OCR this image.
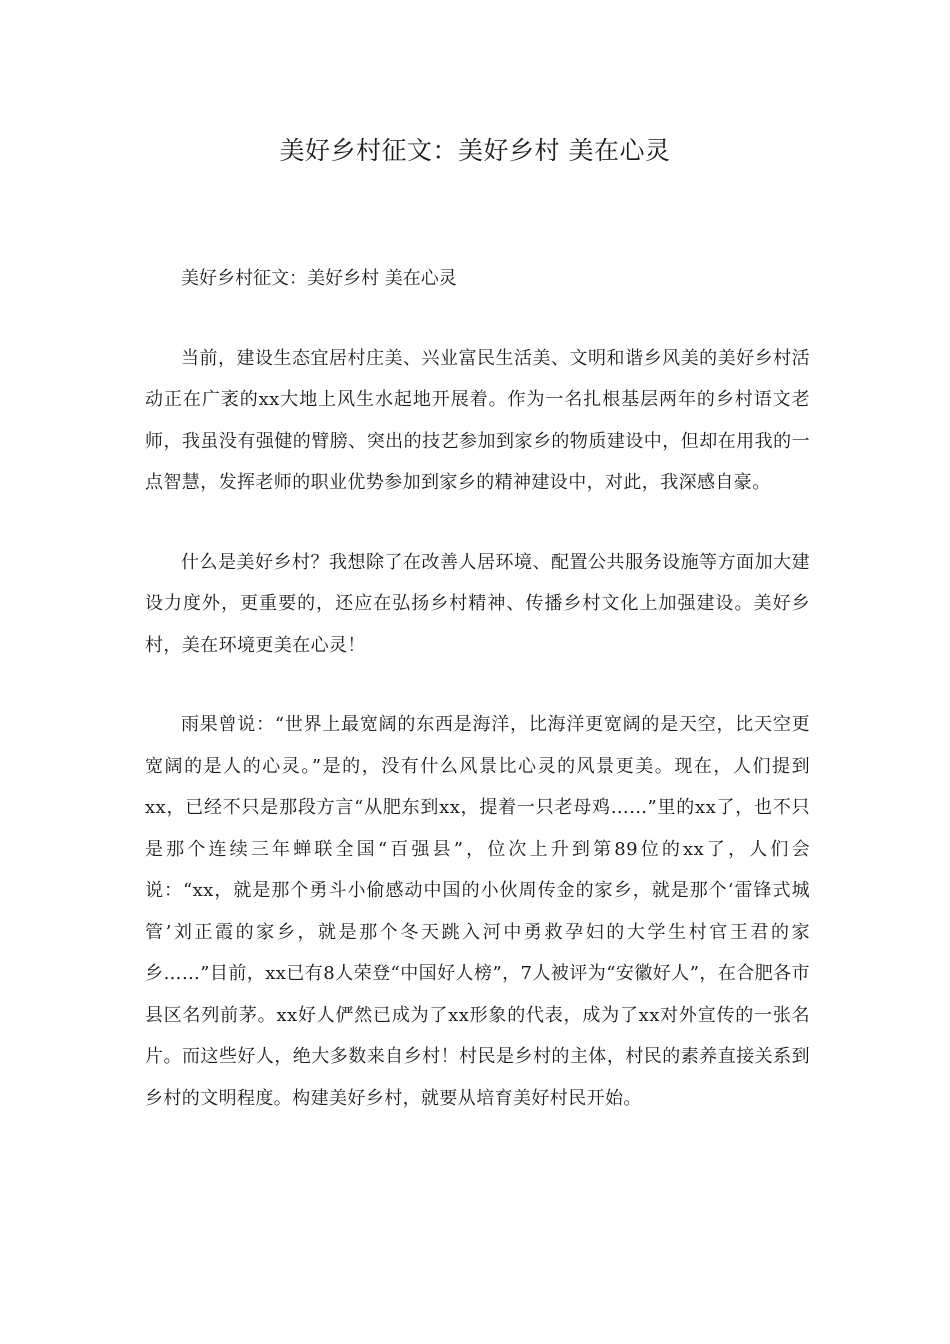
美好乡村征文：美好乡村 美在心灵

美好乡村征文：美好乡村 美在心灵

当前，建设生态宜居村庄美、兴业富民生活美、文明和谐乡风美的美好乡村活动正在广袤的xx大地上风生水起地开展着。作为一名扎根基层两年的乡村语文老师，我虽没有强健的臂膀、突出的技艺参加到家乡的物质建设中，但却在用我的一点智慧，发挥老师的职业优势参加到家乡的精神建设中，对此，我深感自豪。

什么是美好乡村？我想除了在改善人居环境、配置公共服务设施等方面加大建设力度外，更重要的，还应在弘扬乡村精神、传播乡村文化上加强建设。美好乡村，美在环境更美在心灵！

雨果曾说：“世界上最宽阔的东西是海洋，比海洋更宽阔的是天空，比天空更宽阔的是人的心灵。”是的，没有什么风景比心灵的风景更美。现在，人们提到xx，已经不只是那段方言“从肥东到xx，提着一只老母鸡……”里的xx了，也不只是那个连续三年蝉联全国“百强县”，位次上升到第89位的xx了，人们会说：“xx，就是那个勇斗小偷感动中国的小伙周传金的家乡，就是那个‘雷锋式城管’刘正霞的家乡，就是那个冬天跳入河中勇救孕妇的大学生村官王君的家乡……”目前，xx已有8人荣登“中国好人榜”，7人被评为“安徽好人”，在合肥各市县区名列前茅。xx好人俨然已成为了xx形象的代表，成为了xx对外宣传的一张名片。而这些好人，绝大多数来自乡村！村民是乡村的主体，村民的素养直接关系到乡村的文明程度。构建美好乡村，就要从培育美好村民开始。
